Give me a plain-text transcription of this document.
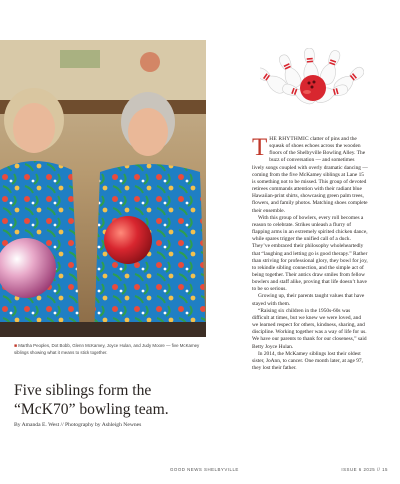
■ Martha Peoples, Dot Bobb, Glenn McKamey, Joyce Hulan, and Judy Moore — five McKamey siblings showing what it means to stick together.
Five siblings form the “McK70” bowling team.

By Amanda E. West // Photography by Ashleigh Newnes

THE RHYTHMIC clatter of pins and the squeak of shoes echoes across the wooden floors of the Shelbyville Bowling Alley. The buzz of conversation — and sometimes lively songs coupled with overly dramatic dancing — coming from the five McKamey siblings at Lane 15 is something not to be missed. This group of devoted retirees commands attention with their radiant blue Hawaiian-print shirts, showcasing green palm trees, flowers, and family photos. Matching shoes complete their ensemble.

With this group of bowlers, every roll becomes a reason to celebrate. Strikes unleash a flurry of flapping arms in an extremely spirited chicken dance, while spares trigger the unified call of a duck. They’ve embraced their philosophy wholeheartedly that “laughing and letting go is good therapy.” Rather than striving for professional glory, they bowl for joy, to rekindle sibling connection, and the simple act of being together. Their antics draw smiles from fellow bowlers and staff alike, proving that life doesn’t have to be so serious.

Growing up, their parents taught values that have stayed with them.

“Raising six children in the 1950s-60s was difficult at times, but we knew we were loved, and we learned respect for others, kindness, sharing, and discipline. Working together was a way of life for us. We have our parents to thank for our closeness,” said Betty Joyce Hulan.

In 2014, the McKamey siblings lost their oldest sister, JoAnn, to cancer. One month later, at age 97, they lost their father.

GOOD NEWS SHELBYVILLE	ISSUE 6 2025 // 15
